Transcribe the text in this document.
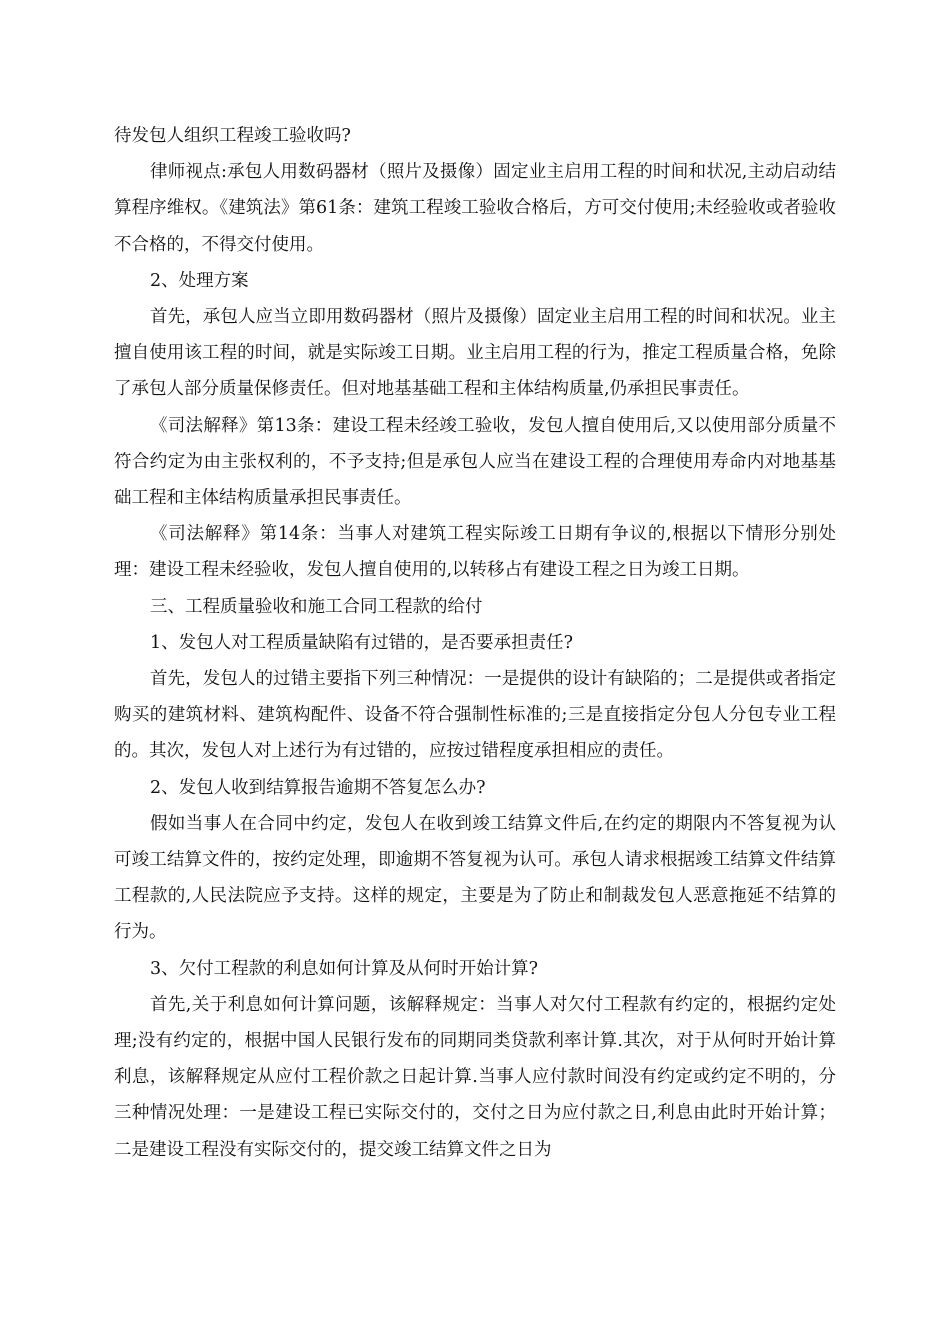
待发包人组织工程竣工验收吗?

律师视点:承包人用数码器材（照片及摄像）固定业主启用工程的时间和状况,主动启动结算程序维权。《建筑法》第61条：建筑工程竣工验收合格后，方可交付使用;未经验收或者验收不合格的，不得交付使用。

2、处理方案

首先，承包人应当立即用数码器材（照片及摄像）固定业主启用工程的时间和状况。业主擅自使用该工程的时间，就是实际竣工日期。业主启用工程的行为，推定工程质量合格，免除了承包人部分质量保修责任。但对地基基础工程和主体结构质量,仍承担民事责任。

《司法解释》第13条：建设工程未经竣工验收，发包人擅自使用后,又以使用部分质量不符合约定为由主张权利的，不予支持;但是承包人应当在建设工程的合理使用寿命内对地基基础工程和主体结构质量承担民事责任。

《司法解释》第14条：当事人对建筑工程实际竣工日期有争议的,根据以下情形分别处理：建设工程未经验收，发包人擅自使用的,以转移占有建设工程之日为竣工日期。

三、工程质量验收和施工合同工程款的给付

1、发包人对工程质量缺陷有过错的，是否要承担责任?

首先，发包人的过错主要指下列三种情况：一是提供的设计有缺陷的；二是提供或者指定购买的建筑材料、建筑构配件、设备不符合强制性标准的;三是直接指定分包人分包专业工程的。其次，发包人对上述行为有过错的，应按过错程度承担相应的责任。

2、发包人收到结算报告逾期不答复怎么办?

假如当事人在合同中约定，发包人在收到竣工结算文件后,在约定的期限内不答复视为认可竣工结算文件的，按约定处理，即逾期不答复视为认可。承包人请求根据竣工结算文件结算工程款的,人民法院应予支持。这样的规定，主要是为了防止和制裁发包人恶意拖延不结算的行为。

3、欠付工程款的利息如何计算及从何时开始计算?

首先,关于利息如何计算问题，该解释规定：当事人对欠付工程款有约定的，根据约定处理;没有约定的，根据中国人民银行发布的同期同类贷款利率计算.其次，对于从何时开始计算利息，该解释规定从应付工程价款之日起计算.当事人应付款时间没有约定或约定不明的，分三种情况处理：一是建设工程已实际交付的，交付之日为应付款之日,利息由此时开始计算；二是建设工程没有实际交付的，提交竣工结算文件之日为
